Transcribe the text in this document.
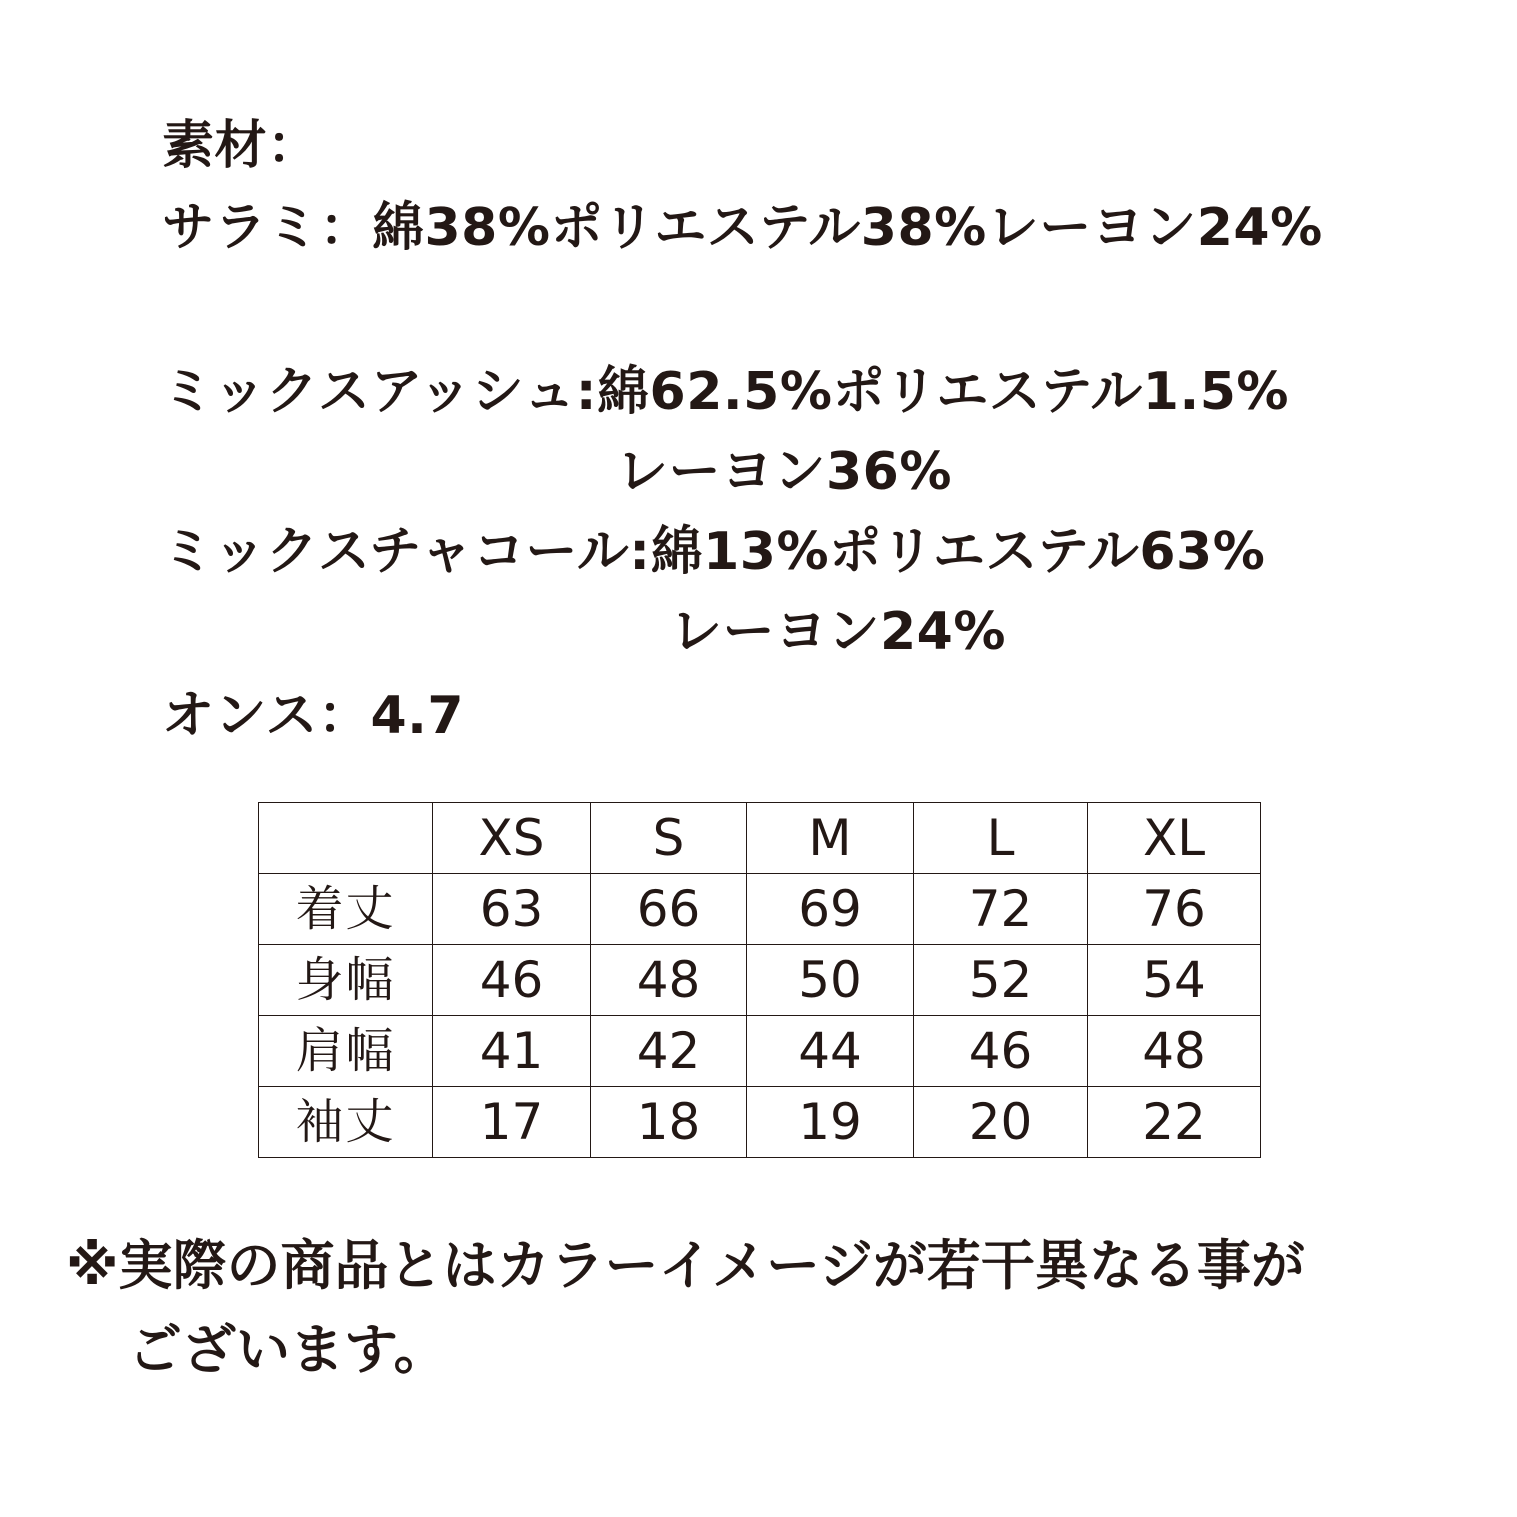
素材：
サラミ：綿38%ポリエステル38%レーヨン24%
ミックスアッシュ:綿62.5%ポリエステル1.5%
レーヨン36%
ミックスチャコール:綿13%ポリエステル63%
レーヨン24%
オンス：4.7
	XS	S	M	L	XL
着丈	63	66	69	72	76
身幅	46	48	50	52	54
肩幅	41	42	44	46	48
袖丈	17	18	19	20	22
※実際の商品とはカラーイメージが若干異なる事が
ございます。
